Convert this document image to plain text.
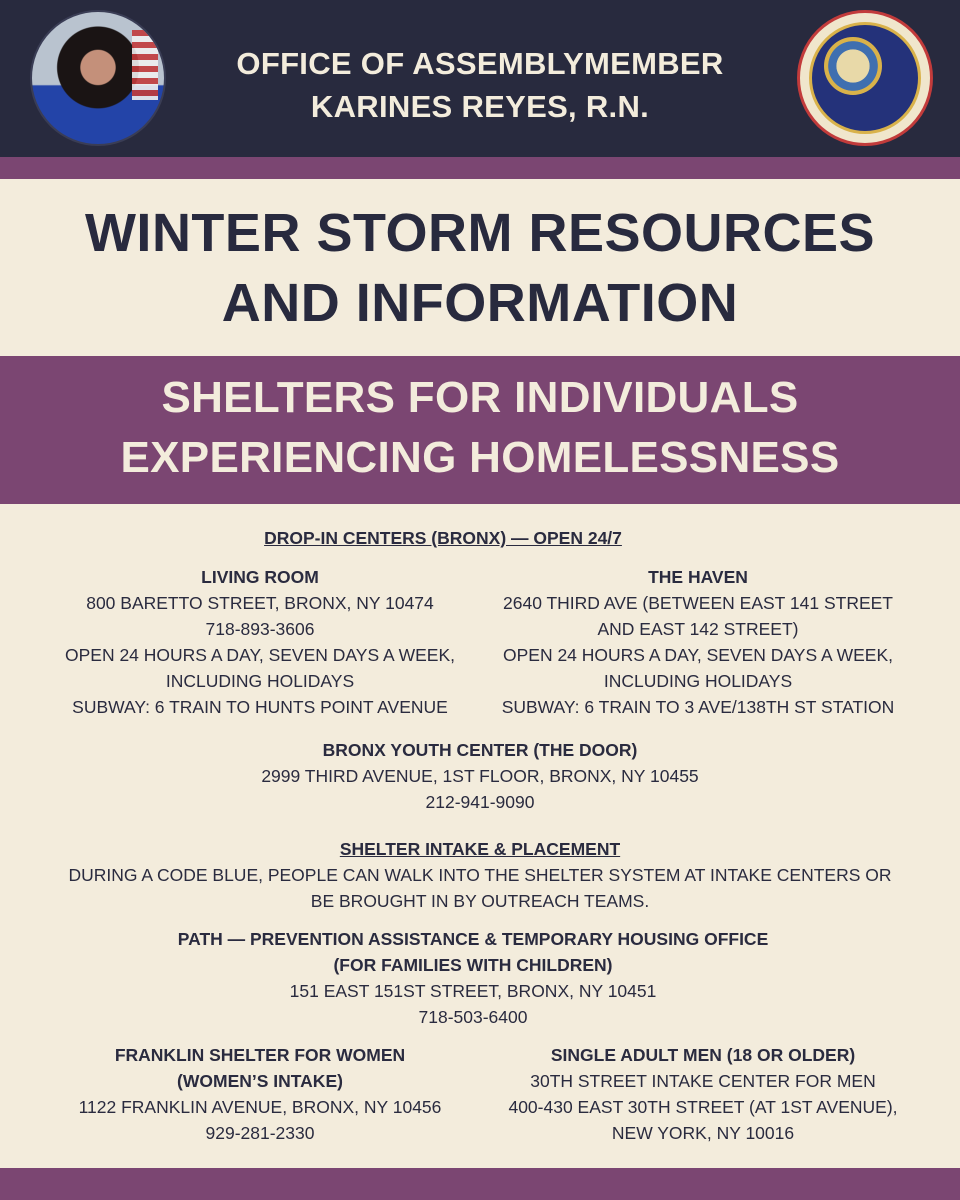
OFFICE OF ASSEMBLYMEMBER
KARINES REYES, R.N.
WINTER STORM RESOURCES
AND INFORMATION
SHELTERS FOR INDIVIDUALS
EXPERIENCING HOMELESSNESS
DROP-IN CENTERS (BRONX) — OPEN 24/7
LIVING ROOM
800 BARETTO STREET, BRONX, NY 10474
718-893-3606
OPEN 24 HOURS A DAY, SEVEN DAYS A WEEK,
INCLUDING HOLIDAYS
SUBWAY: 6 TRAIN TO HUNTS POINT AVENUE
THE HAVEN
2640 THIRD AVE (BETWEEN EAST 141 STREET
AND EAST 142 STREET)
OPEN 24 HOURS A DAY, SEVEN DAYS A WEEK,
INCLUDING HOLIDAYS
SUBWAY: 6 TRAIN TO 3 AVE/138TH ST STATION
BRONX YOUTH CENTER (THE DOOR)
2999 THIRD AVENUE, 1ST FLOOR, BRONX, NY 10455
212-941-9090
SHELTER INTAKE & PLACEMENT
DURING A CODE BLUE, PEOPLE CAN WALK INTO THE SHELTER SYSTEM AT INTAKE CENTERS OR
BE BROUGHT IN BY OUTREACH TEAMS.
PATH — PREVENTION ASSISTANCE & TEMPORARY HOUSING OFFICE
(FOR FAMILIES WITH CHILDREN)
151 EAST 151ST STREET, BRONX, NY 10451
718-503-6400
FRANKLIN SHELTER FOR WOMEN
(WOMEN’S INTAKE)
1122 FRANKLIN AVENUE, BRONX, NY 10456
929-281-2330
SINGLE ADULT MEN (18 OR OLDER)
30TH STREET INTAKE CENTER FOR MEN
400-430 EAST 30TH STREET (AT 1ST AVENUE),
NEW YORK, NY 10016
